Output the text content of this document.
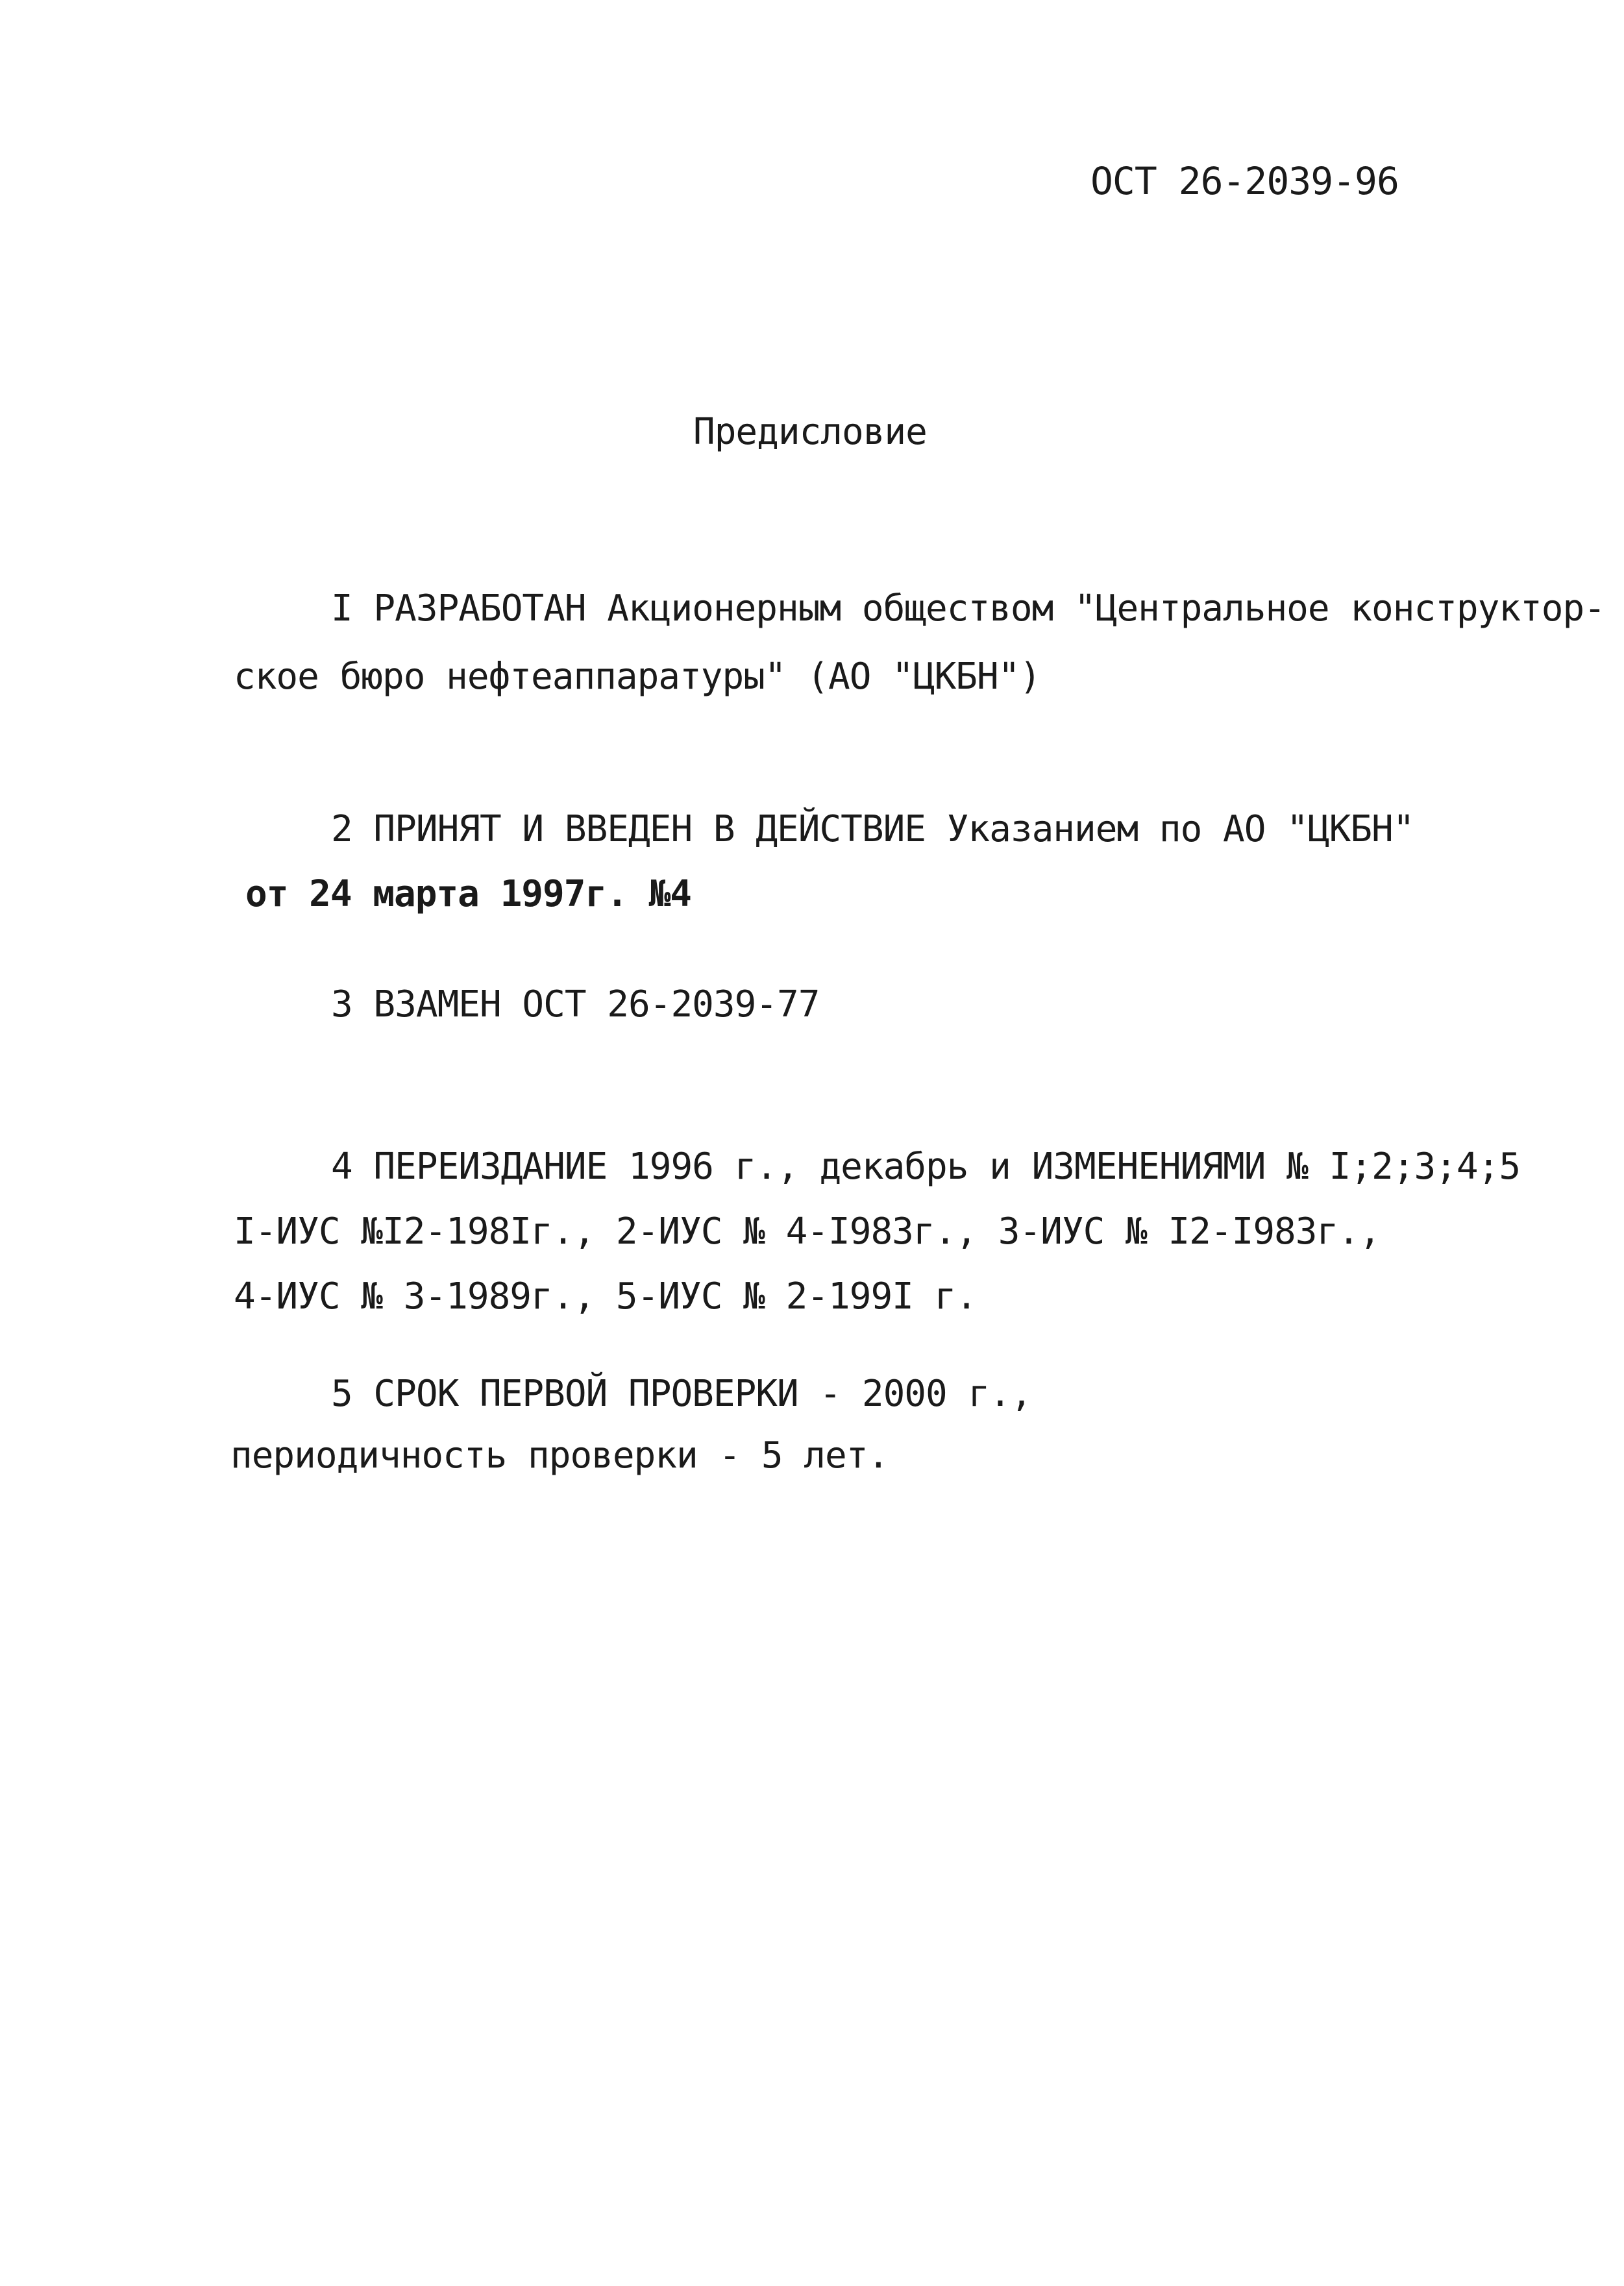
ОСТ 26-2039-96
Предисловие
I РАЗРАБОТАН Акционерным обществом "Центральное конструктор-
ское бюро нефтеаппаратуры" (АО "ЦКБН")
2 ПРИНЯТ И ВВЕДЕН В ДЕЙСТВИЕ Указанием по АО "ЦКБН"
от 24 марта 1997г. №4
3 ВЗАМЕН ОСТ 26-2039-77
4 ПЕРЕИЗДАНИЕ 1996 г., декабрь и ИЗМЕНЕНИЯМИ № I;2;3;4;5
I-ИУС №I2-198Iг., 2-ИУС № 4-I983г., 3-ИУС № I2-I983г.,
4-ИУС № 3-1989г., 5-ИУС № 2-199I г.
5 СРОК ПЕРВОЙ ПРОВЕРКИ - 2000 г.,
периодичность проверки - 5 лет.
